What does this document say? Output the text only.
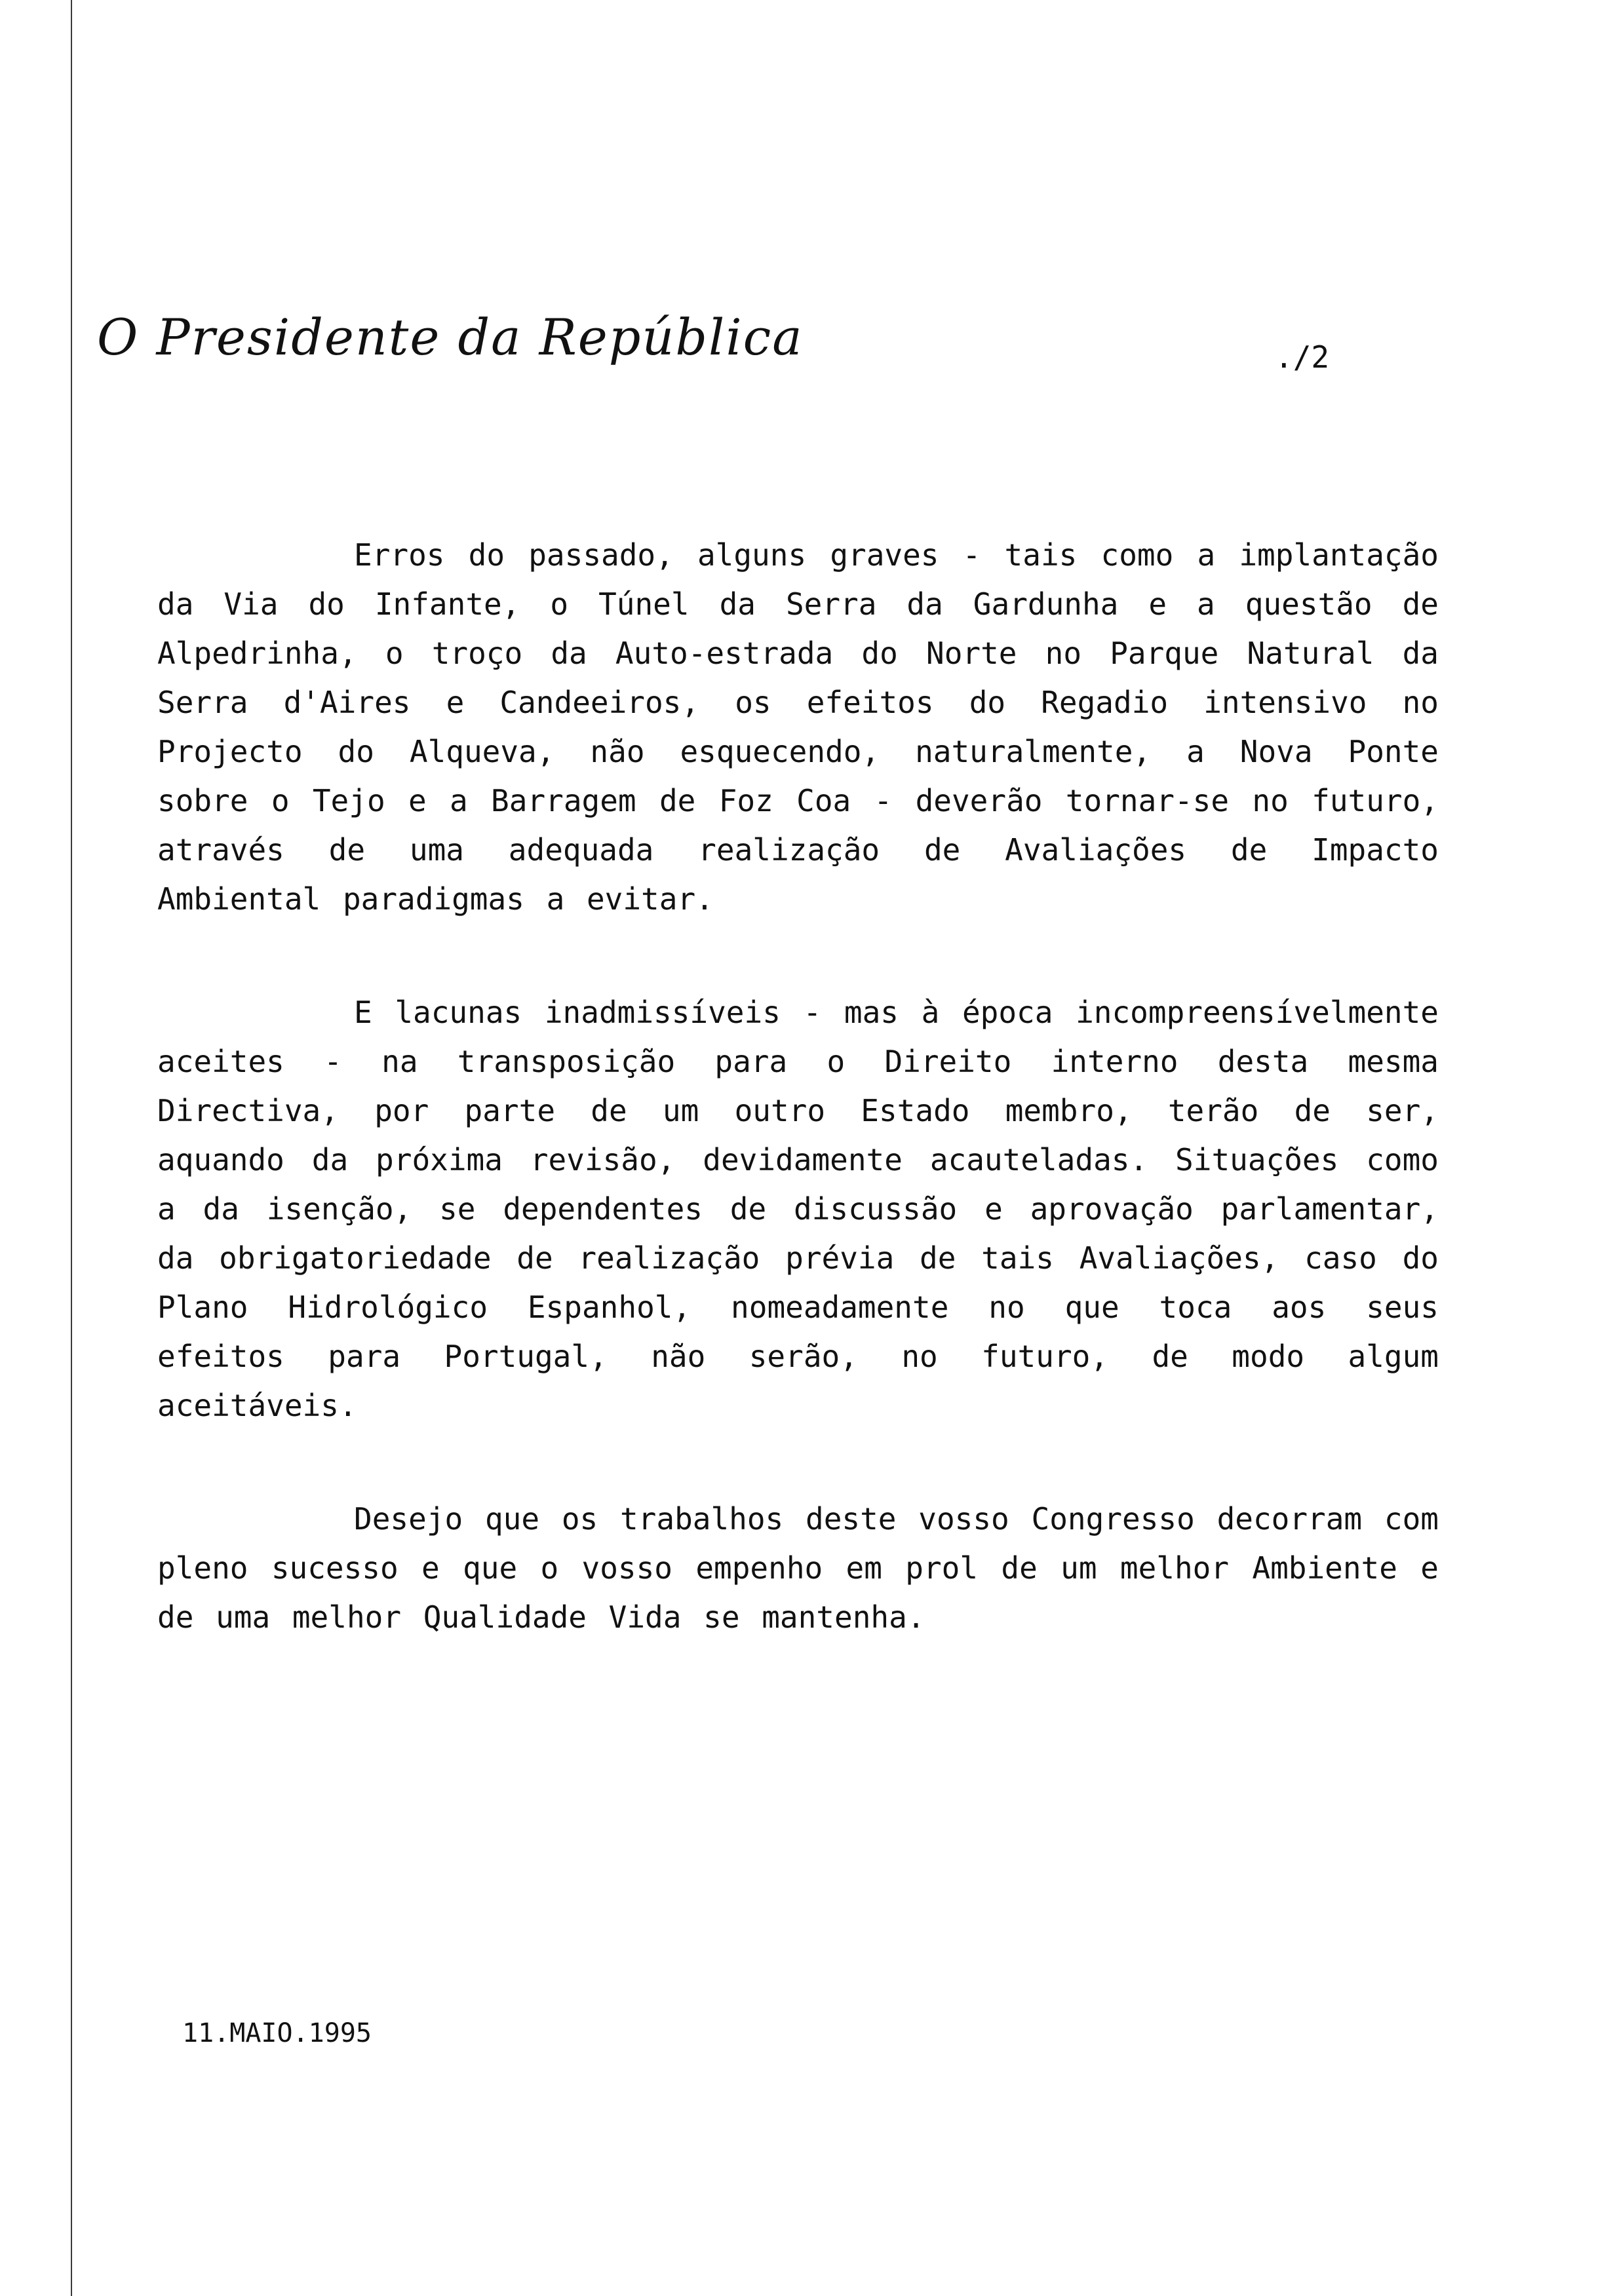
O Presidente da República	./2

Erros do passado, alguns graves - tais como a implantação da Via do Infante, o Túnel da Serra da Gardunha e a questão de Alpedrinha, o troço da Auto-estrada do Norte no Parque Natural da Serra d'Aires e Candeeiros, os efeitos do Regadio intensivo no Projecto do Alqueva, não esquecendo, naturalmente, a Nova Ponte sobre o Tejo e a Barragem de Foz Coa - deverão tornar-se no futuro, através de uma adequada realização de Avaliações de Impacto Ambiental paradigmas a evitar.

E lacunas inadmissíveis - mas à época incompreensívelmente aceites - na transposição para o Direito interno desta mesma Directiva, por parte de um outro Estado membro, terão de ser, aquando da próxima revisão, devidamente acauteladas. Situações como a da isenção, se dependentes de discussão e aprovação parlamentar, da obrigatoriedade de realização prévia de tais Avaliações, caso do Plano Hidrológico Espanhol, nomeadamente no que toca aos seus efeitos para Portugal, não serão, no futuro, de modo algum aceitáveis.

Desejo que os trabalhos deste vosso Congresso decorram com pleno sucesso e que o vosso empenho em prol de um melhor Ambiente e de uma melhor Qualidade Vida se mantenha.

11.MAIO.1995
